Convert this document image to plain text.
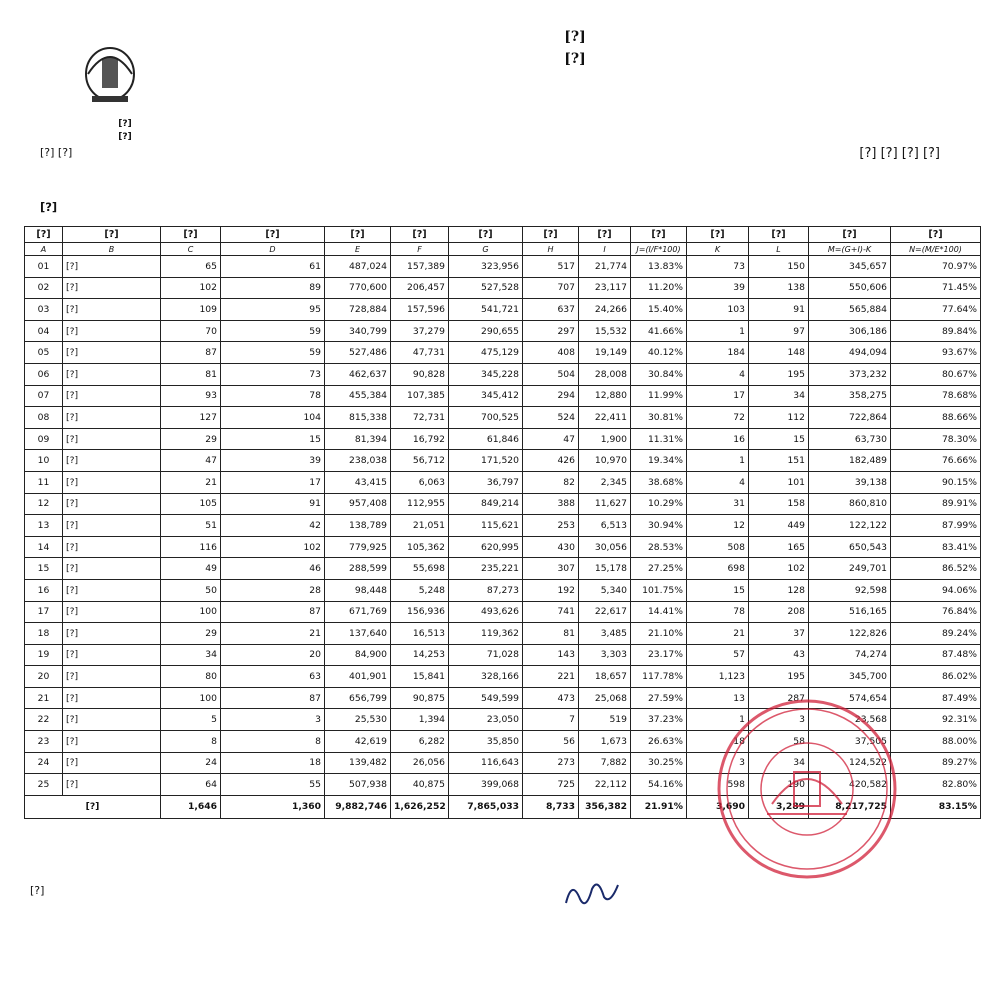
[?]
[?]
[?]
[?]
[?] [?]	[?] [?] [?] [?]
[?]
[?]	[?]	[?]	[?]	[?]	[?]	[?]	[?]	[?]	[?]	[?]	[?]	[?]	[?]
A	B	C	D	E	F	G	H	I	J=(I/F*100)	K	L	M=(G+I)-K	N=(M/E*100)
01	[?]	65	61	487,024	157,389	323,956	517	21,774	13.83%	73	150	345,657	70.97%
02	[?]	102	89	770,600	206,457	527,528	707	23,117	11.20%	39	138	550,606	71.45%
03	[?]	109	95	728,884	157,596	541,721	637	24,266	15.40%	103	91	565,884	77.64%
04	[?]	70	59	340,799	37,279	290,655	297	15,532	41.66%	1	97	306,186	89.84%
05	[?]	87	59	527,486	47,731	475,129	408	19,149	40.12%	184	148	494,094	93.67%
06	[?]	81	73	462,637	90,828	345,228	504	28,008	30.84%	4	195	373,232	80.67%
07	[?]	93	78	455,384	107,385	345,412	294	12,880	11.99%	17	34	358,275	78.68%
08	[?]	127	104	815,338	72,731	700,525	524	22,411	30.81%	72	112	722,864	88.66%
09	[?]	29	15	81,394	16,792	61,846	47	1,900	11.31%	16	15	63,730	78.30%
10	[?]	47	39	238,038	56,712	171,520	426	10,970	19.34%	1	151	182,489	76.66%
11	[?]	21	17	43,415	6,063	36,797	82	2,345	38.68%	4	101	39,138	90.15%
12	[?]	105	91	957,408	112,955	849,214	388	11,627	10.29%	31	158	860,810	89.91%
13	[?]	51	42	138,789	21,051	115,621	253	6,513	30.94%	12	449	122,122	87.99%
14	[?]	116	102	779,925	105,362	620,995	430	30,056	28.53%	508	165	650,543	83.41%
15	[?]	49	46	288,599	55,698	235,221	307	15,178	27.25%	698	102	249,701	86.52%
16	[?]	50	28	98,448	5,248	87,273	192	5,340	101.75%	15	128	92,598	94.06%
17	[?]	100	87	671,769	156,936	493,626	741	22,617	14.41%	78	208	516,165	76.84%
18	[?]	29	21	137,640	16,513	119,362	81	3,485	21.10%	21	37	122,826	89.24%
19	[?]	34	20	84,900	14,253	71,028	143	3,303	23.17%	57	43	74,274	87.48%
20	[?]	80	63	401,901	15,841	328,166	221	18,657	117.78%	1,123	195	345,700	86.02%
21	[?]	100	87	656,799	90,875	549,599	473	25,068	27.59%	13	287	574,654	87.49%
22	[?]	5	3	25,530	1,394	23,050	7	519	37.23%	1	3	23,568	92.31%
23	[?]	8	8	42,619	6,282	35,850	56	1,673	26.63%	18	58	37,505	88.00%
24	[?]	24	18	139,482	26,056	116,643	273	7,882	30.25%	3	34	124,522	89.27%
25	[?]	64	55	507,938	40,875	399,068	725	22,112	54.16%	598	190	420,582	82.80%
[?]		1,646	1,360	9,882,746	1,626,252	7,865,033	8,733	356,382	21.91%	3,690	3,289	8,217,725	83.15%
[?]
